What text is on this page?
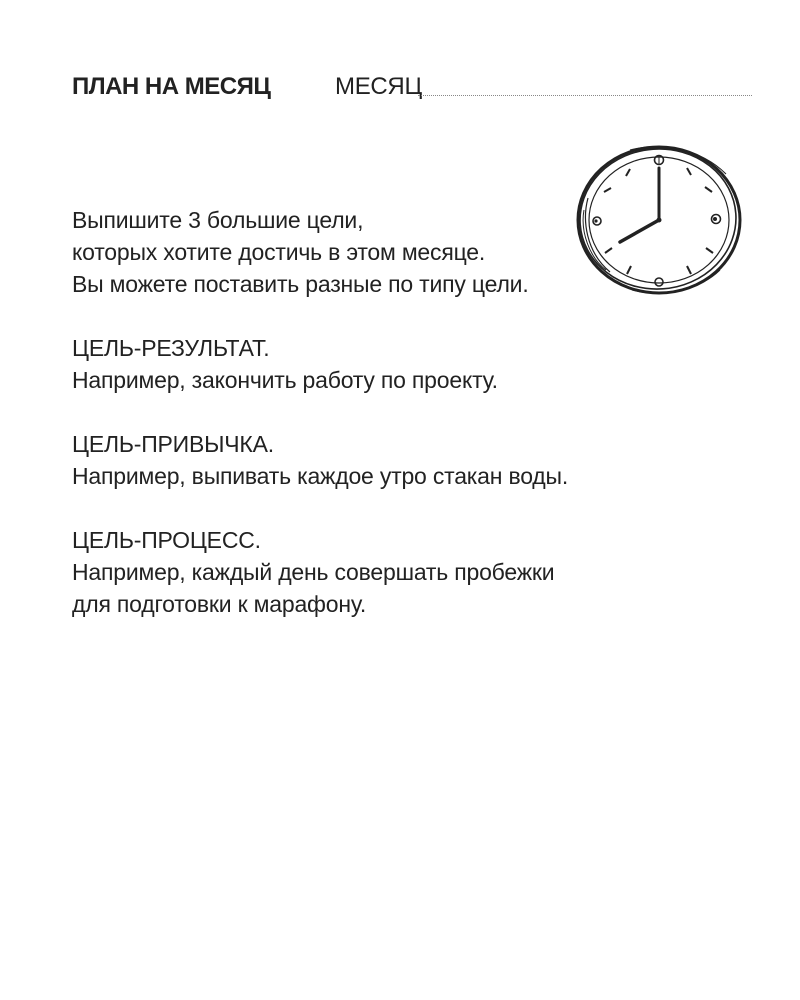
ПЛАН НА МЕСЯЦ	МЕСЯЦ

Выпишите 3 большие цели,

которых хотите достичь в этом месяце.

Вы можете поставить разные по типу цели.

ЦЕЛЬ-РЕЗУЛЬТАТ.

Например, закончить работу по проекту.

ЦЕЛЬ-ПРИВЫЧКА.

Например, выпивать каждое утро стакан воды.

ЦЕЛЬ-ПРОЦЕСС.

Например, каждый день совершать пробежки

для подготовки к марафону.
